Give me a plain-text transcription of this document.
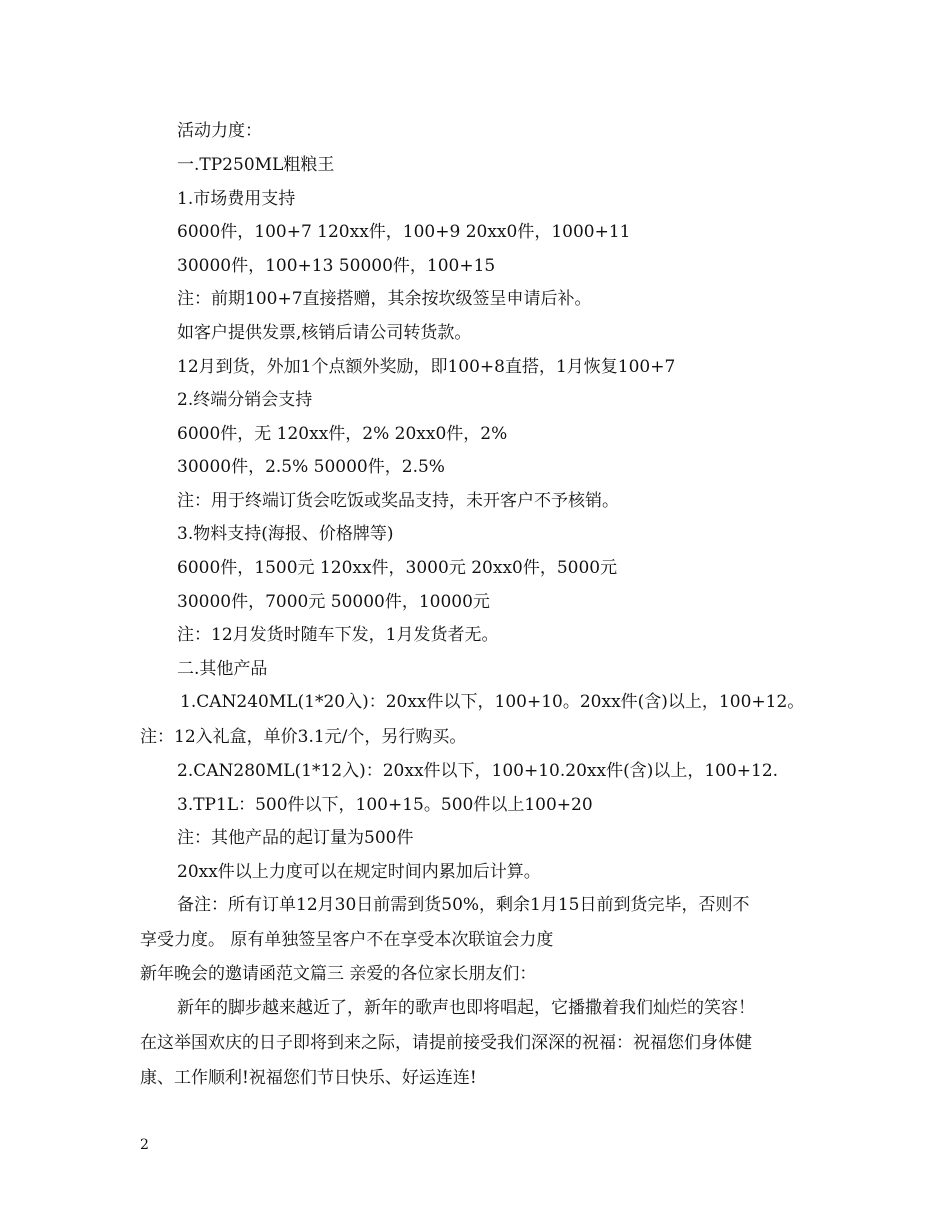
活动力度：
一.TP250ML粗粮王
1.市场费用支持
6000件，100+7 120xx件，100+9 20xx0件，1000+11
30000件，100+13 50000件，100+15
注：前期100+7直接搭赠，其余按坎级签呈申请后补。
如客户提供发票,核销后请公司转货款。
12月到货，外加1个点额外奖励，即100+8直搭，1月恢复100+7
2.终端分销会支持
6000件，无 120xx件，2% 20xx0件，2%
30000件，2.5% 50000件，2.5%
注：用于终端订货会吃饭或奖品支持，未开客户不予核销。
3.物料支持(海报、价格牌等)
6000件，1500元 120xx件，3000元 20xx0件，5000元
30000件，7000元 50000件，10000元
注：12月发货时随车下发，1月发货者无。
二.其他产品
1.CAN240ML(1*20入)：20xx件以下，100+10。20xx件(含)以上，100+12。
注：12入礼盒，单价3.1元/个，另行购买。
2.CAN280ML(1*12入)：20xx件以下，100+10.20xx件(含)以上，100+12.
3.TP1L：500件以下，100+15。500件以上100+20
注：其他产品的起订量为500件
20xx件以上力度可以在规定时间内累加后计算。
备注：所有订单12月30日前需到货50%，剩余1月15日前到货完毕，否则不
享受力度。 原有单独签呈客户不在享受本次联谊会力度
新年晚会的邀请函范文篇三 亲爱的各位家长朋友们：
新年的脚步越来越近了，新年的歌声也即将唱起，它播撒着我们灿烂的笑容！
在这举国欢庆的日子即将到来之际，请提前接受我们深深的祝福：祝福您们身体健
康、工作顺利!祝福您们节日快乐、好运连连!
2
